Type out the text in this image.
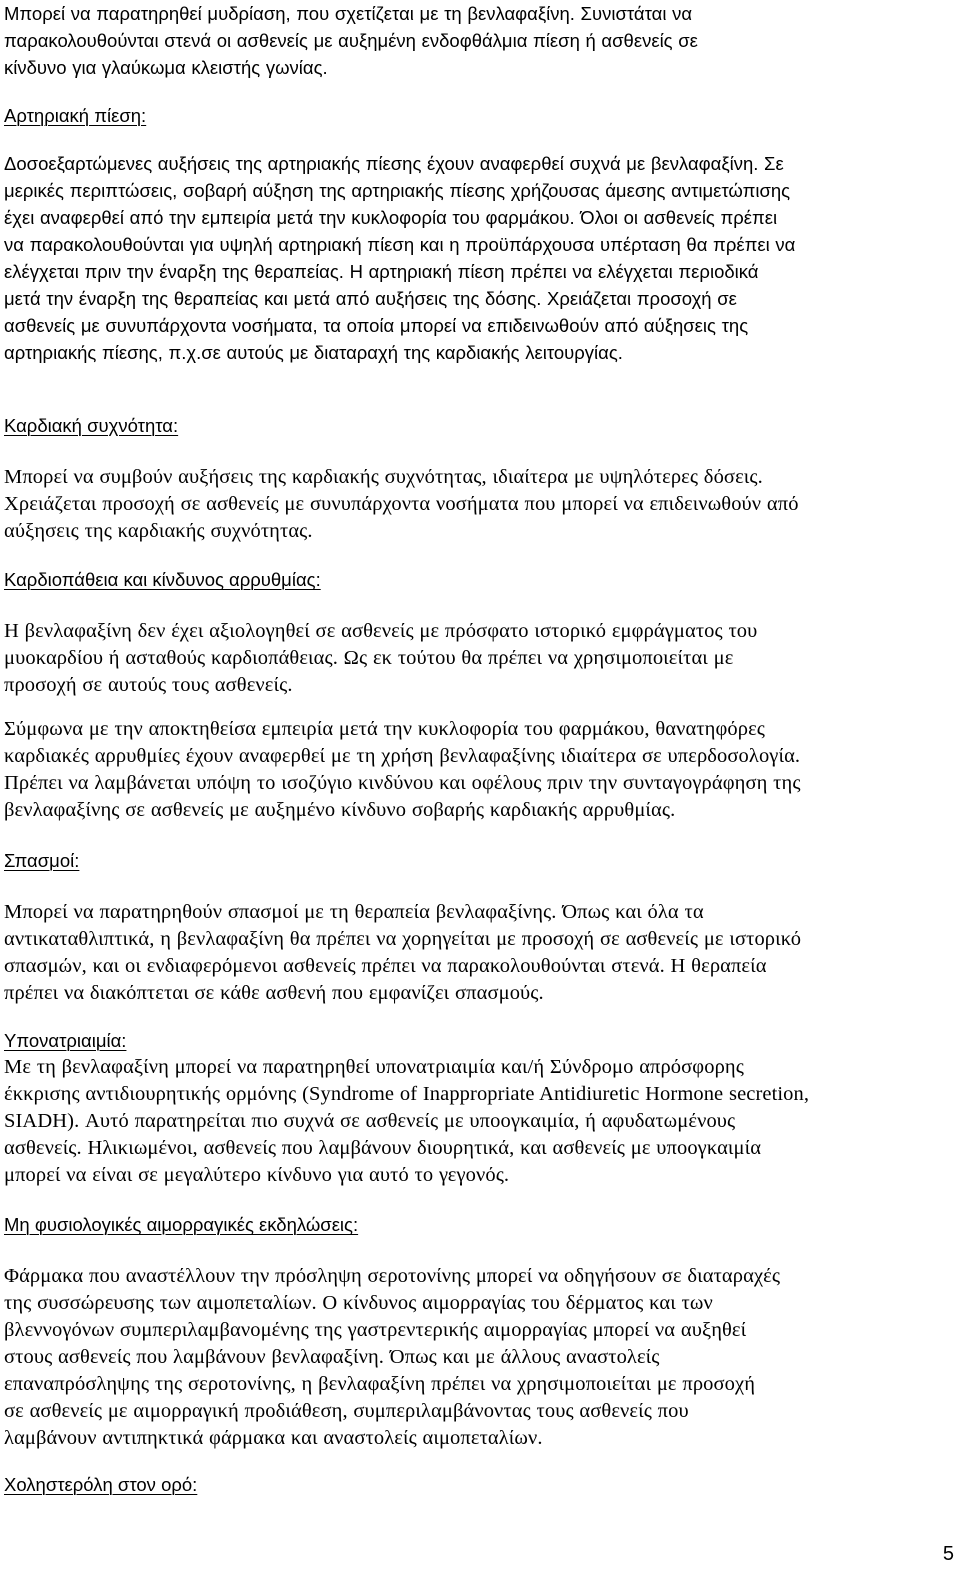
Μπορεί να παρατηρηθεί μυδρίαση, που σχετίζεται με τη βενλαφαξίνη. Συνιστάται να

παρακολουθούνται στενά οι ασθενείς με αυξημένη ενδοφθάλμια πίεση ή ασθενείς σε

κίνδυνο για γλαύκωμα κλειστής γωνίας.

Αρτηριακή πίεση:

Δοσοεξαρτώμενες αυξήσεις της αρτηριακής πίεσης έχουν αναφερθεί συχνά με βενλαφαξίνη. Σε

μερικές περιπτώσεις, σοβαρή αύξηση της αρτηριακής πίεσης χρήζουσας άμεσης αντιμετώπισης

έχει αναφερθεί από την εμπειρία μετά την κυκλοφορία του φαρμάκου. Όλοι οι ασθενείς πρέπει

να παρακολουθούνται για υψηλή αρτηριακή πίεση και η προϋπάρχουσα υπέρταση θα πρέπει να

ελέγχεται πριν την έναρξη της θεραπείας. Η αρτηριακή πίεση πρέπει να ελέγχεται περιοδικά

μετά την έναρξη της θεραπείας και μετά από αυξήσεις της δόσης. Χρειάζεται προσοχή σε

ασθενείς με συνυπάρχοντα νοσήματα, τα οποία μπορεί να επιδεινωθούν από αύξησεις της

αρτηριακής πίεσης, π.χ.σε αυτούς με διαταραχή της καρδιακής λειτουργίας.

Καρδιακή συχνότητα:

Μπορεί να συμβούν αυξήσεις της καρδιακής συχνότητας, ιδιαίτερα με υψηλότερες δόσεις.

Χρειάζεται προσοχή σε ασθενείς με συνυπάρχοντα νοσήματα που μπορεί να επιδεινωθούν από

αύξησεις της καρδιακής συχνότητας.

Καρδιοπάθεια και κίνδυνος αρρυθμίας:

Η βενλαφαξίνη δεν έχει αξιολογηθεί σε ασθενείς με πρόσφατο ιστορικό εμφράγματος του

μυοκαρδίου ή ασταθούς καρδιοπάθειας. Ως εκ τούτου θα πρέπει να χρησιμοποιείται με

προσοχή σε αυτούς τους ασθενείς.

Σύμφωνα με την αποκτηθείσα εμπειρία μετά την κυκλοφορία του φαρμάκου, θανατηφόρες

καρδιακές αρρυθμίες έχουν αναφερθεί με τη χρήση βενλαφαξίνης ιδιαίτερα σε υπερδοσολογία.

Πρέπει να λαμβάνεται υπόψη το ισοζύγιο κινδύνου και οφέλους πριν την συνταγογράφηση της

βενλαφαξίνης σε ασθενείς με αυξημένο κίνδυνο σοβαρής καρδιακής αρρυθμίας.

Σπασμοί:

Μπορεί να παρατηρηθούν σπασμοί με τη θεραπεία βενλαφαξίνης. Όπως και όλα τα

αντικαταθλιπτικά, η βενλαφαξίνη θα πρέπει να χορηγείται με προσοχή σε ασθενείς με ιστορικό

σπασμών, και οι ενδιαφερόμενοι ασθενείς πρέπει να παρακολουθούνται στενά. Η θεραπεία

πρέπει να διακόπτεται σε κάθε ασθενή που εμφανίζει σπασμούς.

Υπονατριαιμία:

Με τη βενλαφαξίνη μπορεί να παρατηρηθεί υπονατριαιμία και/ή Σύνδρομο απρόσφορης

έκκρισης αντιδιουρητικής ορμόνης (Syndrome of Inappropriate Antidiuretic Hormone secretion,

SIADH). Αυτό παρατηρείται πιο συχνά σε ασθενείς με υποογκαιμία, ή αφυδατωμένους

ασθενείς. Ηλικιωμένοι, ασθενείς που λαμβάνουν διουρητικά, και ασθενείς με υποογκαιμία

μπορεί να είναι σε μεγαλύτερο κίνδυνο για αυτό το γεγονός.

Μη φυσιολογικές αιμορραγικές εκδηλώσεις:

Φάρμακα που αναστέλλουν την πρόσληψη σεροτονίνης μπορεί να οδηγήσουν σε διαταραχές

της συσσώρευσης των αιμοπεταλίων. Ο κίνδυνος αιμορραγίας του δέρματος και των

βλεννογόνων συμπεριλαμβανομένης της γαστρεντερικής αιμορραγίας μπορεί να αυξηθεί

στους ασθενείς που λαμβάνουν βενλαφαξίνη. Όπως και με άλλους αναστολείς

επαναπρόσληψης της σεροτονίνης, η βενλαφαξίνη πρέπει να χρησιμοποιείται με προσοχή

σε ασθενείς με αιμορραγική προδιάθεση, συμπεριλαμβάνοντας τους ασθενείς που

λαμβάνουν αντιπηκτικά φάρμακα και αναστολείς αιμοπεταλίων.

Χοληστερόλη στον ορό:

5
